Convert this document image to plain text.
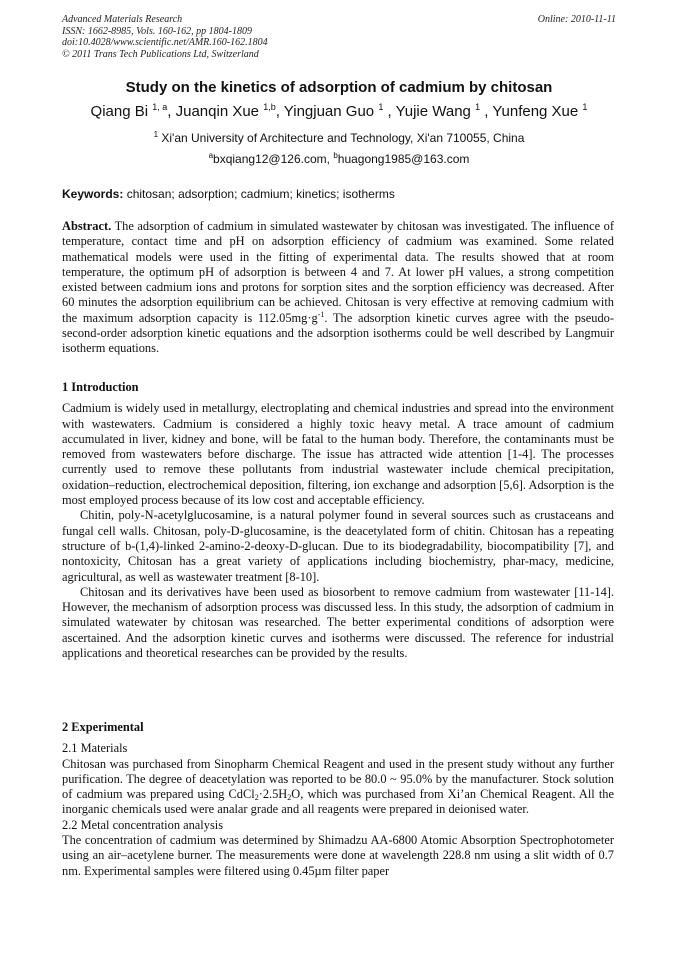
Advanced Materials Research
ISSN: 1662-8985, Vols. 160-162, pp 1804-1809
doi:10.4028/www.scientific.net/AMR.160-162.1804
© 2011 Trans Tech Publications Ltd, Switzerland
Online: 2010-11-11
Study on the kinetics of adsorption of cadmium by chitosan
Qiang Bi $^{1, a}$, Juanqin Xue $^{1,b}$, Yingjuan Guo $^1$ , Yujie Wang $^1$ , Yunfeng Xue $^1$
$^1$ Xi'an University of Architecture and Technology, Xi'an 710055, China
$^a$bxqiang12@126.com, $^b$huagong1985@163.com
Keywords: chitosan; adsorption; cadmium; kinetics; isotherms

Abstract. The adsorption of cadmium in simulated wastewater by chitosan was investigated. The influence of temperature, contact time and pH on adsorption efficiency of cadmium was examined. Some related mathematical models were used in the fitting of experimental data. The results showed that at room temperature, the optimum pH of adsorption is between 4 and 7. At lower pH values, a strong competition existed between cadmium ions and protons for sorption sites and the sorption efficiency was decreased. After 60 minutes the adsorption equilibrium can be achieved. Chitosan is very effective at removing cadmium with the maximum adsorption capacity is $112.05mg\cdot g^{-1}$. The adsorption kinetic curves agree with the pseudo-second-order adsorption kinetic equations and the adsorption isotherms could be well described by Langmuir isotherm equations.

1 Introduction

Cadmium is widely used in metallurgy, electroplating and chemical industries and spread into the environment with wastewaters. Cadmium is considered a highly toxic heavy metal. A trace amount of cadmium accumulated in liver, kidney and bone, will be fatal to the human body. Therefore, the contaminants must be removed from wastewaters before discharge. The issue has attracted wide attention [1-4]. The processes currently used to remove these pollutants from industrial wastewater include chemical precipitation, oxidation–reduction, electrochemical deposition, filtering, ion exchange and adsorption [5,6]. Adsorption is the most employed process because of its low cost and acceptable efficiency.

Chitin, poly-N-acetylglucosamine, is a natural polymer found in several sources such as crustaceans and fungal cell walls. Chitosan, poly-D-glucosamine, is the deacetylated form of chitin. Chitosan has a repeating structure of b-(1,4)-linked 2-amino-2-deoxy-D-glucan. Due to its biodegradability, biocompatibility [7], and nontoxicity, Chitosan has a great variety of applications including biochemistry, phar-macy, medicine, agricultural, as well as wastewater treatment [8-10].

Chitosan and its derivatives have been used as biosorbent to remove cadmium from wastewater [11-14]. However, the mechanism of adsorption process was discussed less. In this study, the adsorption of cadmium in simulated watewater by chitosan was researched. The better experimental conditions of adsorption were ascertained. And the adsorption kinetic curves and isotherms were discussed. The reference for industrial applications and theoretical researches can be provided by the results.

2 Experimental

2.1 Materials

Chitosan was purchased from Sinopharm Chemical Reagent and used in the present study without any further purification. The degree of deacetylation was reported to be 80.0 ~ 95.0% by the manufacturer. Stock solution of cadmium was prepared using $CdCl_2\cdot 2.5H_2O$, which was purchased from Xi’an Chemical Reagent. All the inorganic chemicals used were analar grade and all reagents were prepared in deionised water.

2.2 Metal concentration analysis

The concentration of cadmium was determined by Shimadzu AA-6800 Atomic Absorption Spectrophotometer using an air–acetylene burner. The measurements were done at wavelength 228.8 nm using a slit width of 0.7 nm. Experimental samples were filtered using 0.45µm filter paper
